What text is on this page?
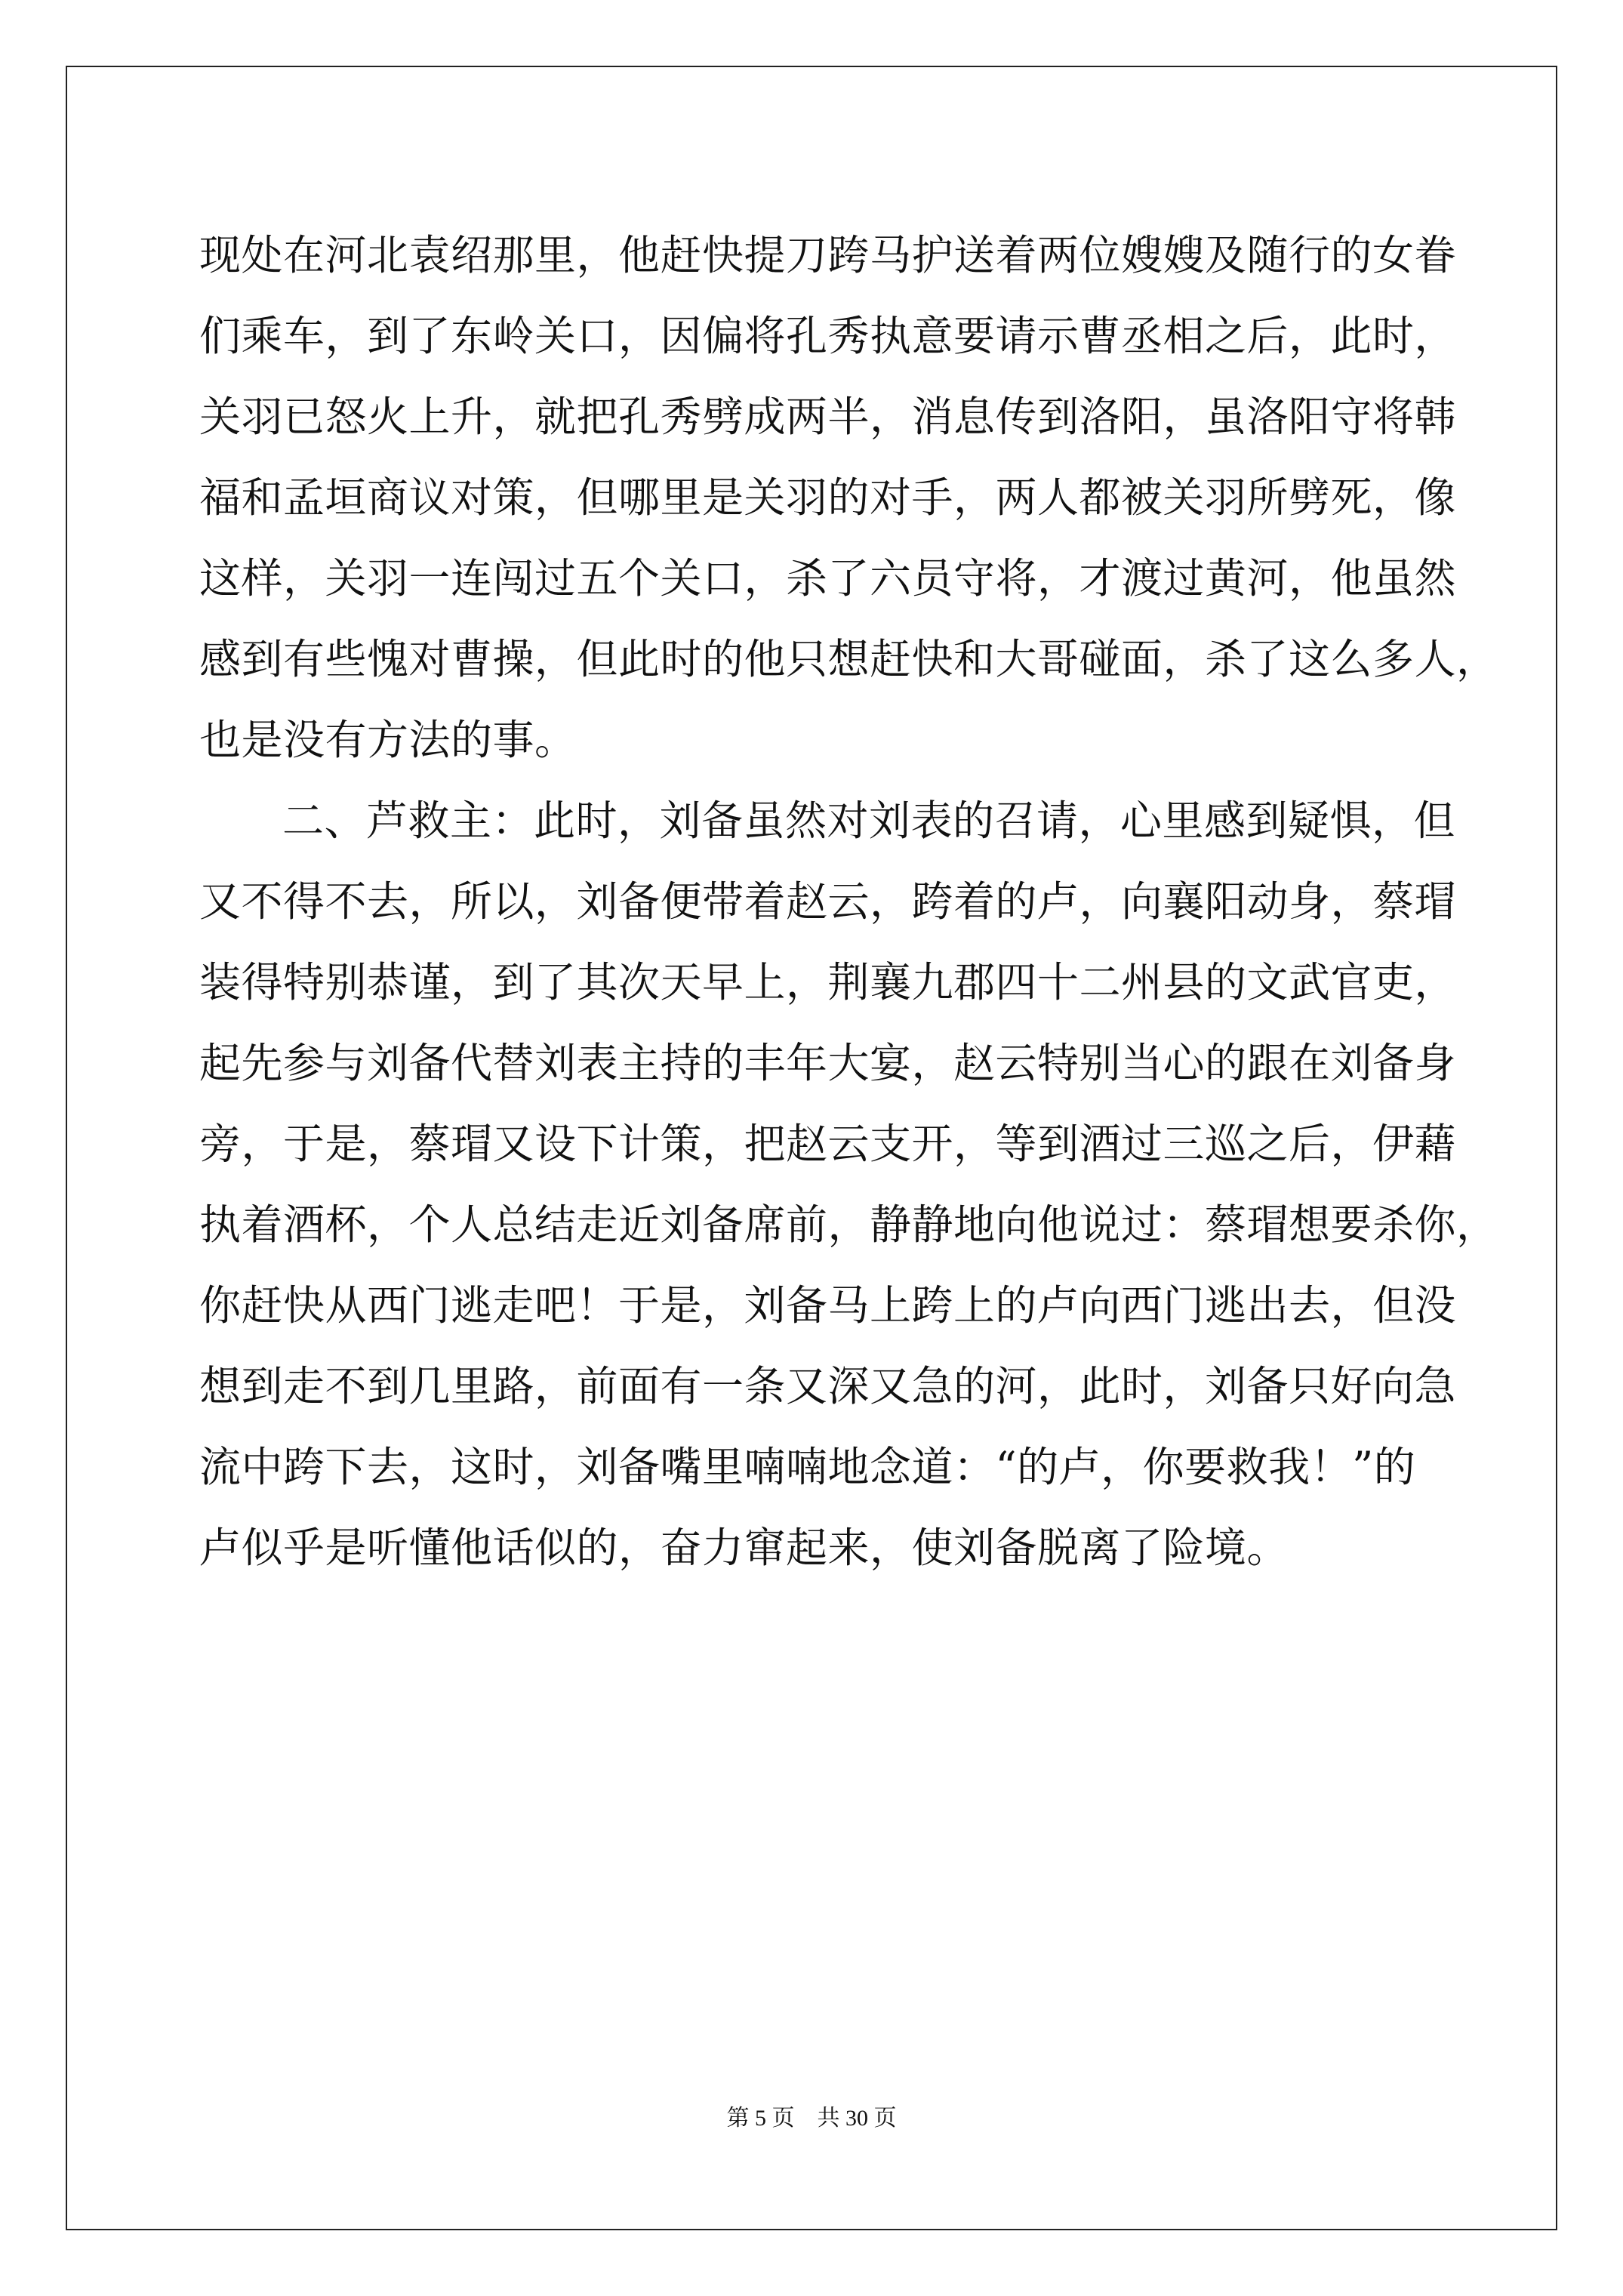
现处在河北袁绍那里，他赶快提刀跨马护送着两位嫂嫂及随行的女眷
们乘车，到了东岭关口，因偏将孔秀执意要请示曹丞相之后，此时，
关羽已怒火上升，就把孔秀劈成两半，消息传到洛阳，虽洛阳守将韩
福和孟垣商议对策，但哪里是关羽的对手，两人都被关羽所劈死，像
这样，关羽一连闯过五个关口，杀了六员守将，才渡过黄河，他虽然
感到有些愧对曹操，但此时的他只想赶快和大哥碰面，杀了这么多人，
也是没有方法的事。
二、芦救主：此时，刘备虽然对刘表的召请，心里感到疑惧，但
又不得不去，所以，刘备便带着赵云，跨着的卢，向襄阳动身，蔡瑁
装得特别恭谨，到了其次天早上，荆襄九郡四十二州县的文武官吏，
起先参与刘备代替刘表主持的丰年大宴，赵云特别当心的跟在刘备身
旁，于是，蔡瑁又设下计策，把赵云支开，等到酒过三巡之后，伊藉
执着酒杯，个人总结走近刘备席前，静静地向他说过：蔡瑁想要杀你，
你赶快从西门逃走吧！于是，刘备马上跨上的卢向西门逃出去，但没
想到走不到几里路，前面有一条又深又急的河，此时，刘备只好向急
流中跨下去，这时，刘备嘴里喃喃地念道：“的卢，你要救我！”的
卢似乎是听懂他话似的，奋力窜起来，使刘备脱离了险境。
第 5 页 共 30 页
